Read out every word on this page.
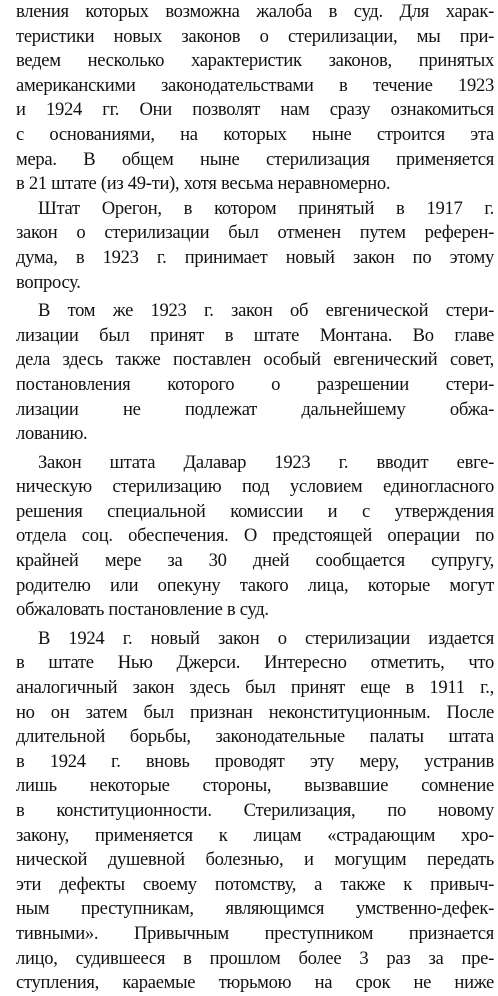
вления которых возможна жалоба в суд. Для харак-
теристики новых законов о стерилизации, мы при-
ведем несколько характеристик законов, принятых
американскими законодательствами в течение 1923
и 1924 гг. Они позволят нам сразу ознакомиться
с основаниями, на которых ныне строится эта
мера. В общем ныне стерилизация применяется
в 21 штате (из 49-ти), хотя весьма неравномерно.
Штат Орегон, в котором принятый в 1917 г.
закон о стерилизации был отменен путем референ-
дума, в 1923 г. принимает новый закон по этому
вопросу.
В том же 1923 г. закон об евгенической стери-
лизации был принят в штате Монтана. Во главе
дела здесь также поставлен особый евгенический совет,
постановления которого о разрешении стери-
лизации не подлежат дальнейшему обжа-
лованию.
Закон штата Далавар 1923 г. вводит евге-
ническую стерилизацию под условием единогласного
решения специальной комиссии и с утверждения
отдела соц. обеспечения. О предстоящей операции по
крайней мере за 30 дней сообщается супругу,
родителю или опекуну такого лица, которые могут
обжаловать постановление в суд.
В 1924 г. новый закон о стерилизации издается
в штате Нью Джерси. Интересно отметить, что
аналогичный закон здесь был принят еще в 1911 г.,
но он затем был признан неконституционным. После
длительной борьбы, законодательные палаты штата
в 1924 г. вновь проводят эту меру, устранив
лишь некоторые стороны, вызвавшие сомнение
в конституционности. Стерилизация, по новому
закону, применяется к лицам «страдающим хро-
нической душевной болезнью, и могущим передать
эти дефекты своему потомству, а также к привыч-
ным преступникам, являющимся умственно-дефек-
тивными». Привычным преступником признается
лицо, судившееся в прошлом более 3 раз за пре-
ступления, караемые тюрьмою на срок не ниже
